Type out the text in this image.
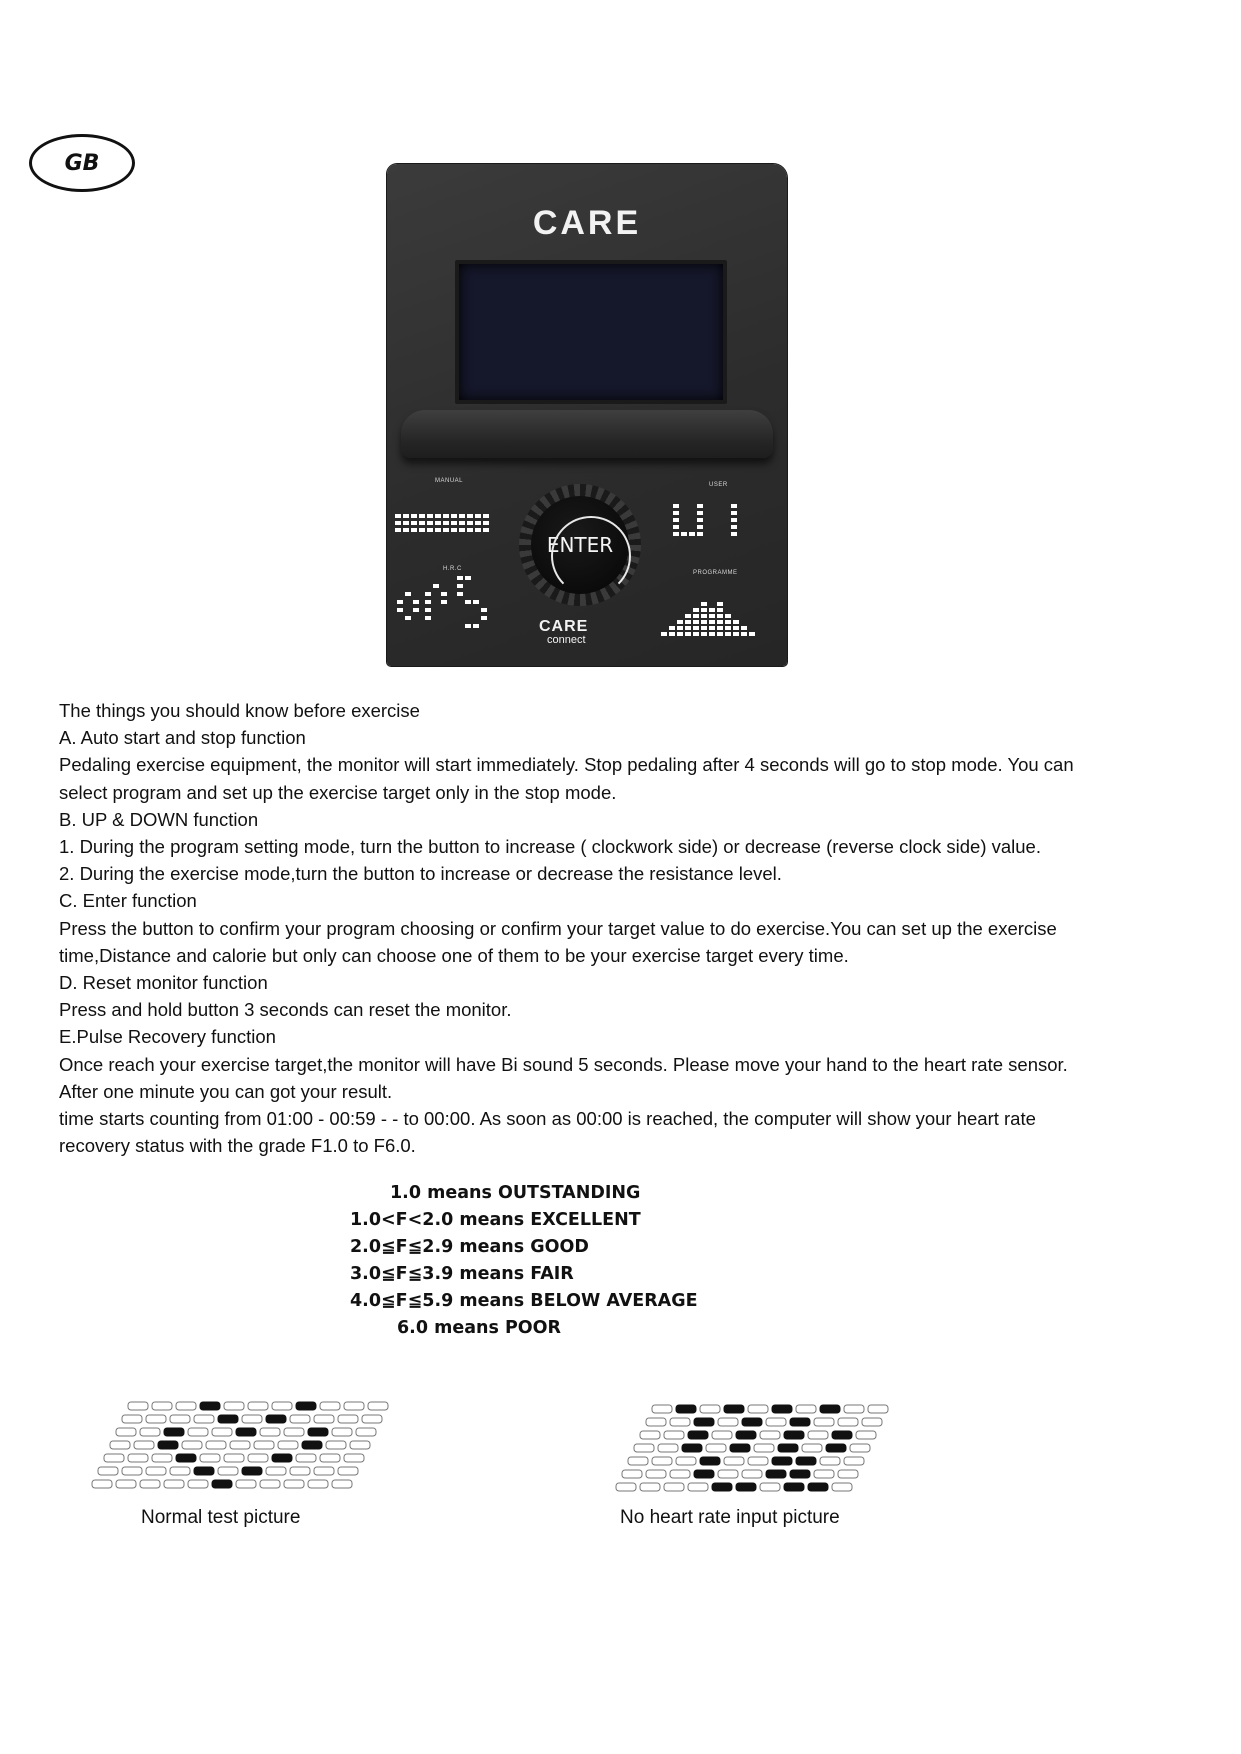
GB
CARE
MANUAL
USER
H.R.C
PROGRAMME
ENTER
CARE
connect

The things you should know before exercise

A. Auto start and stop function

Pedaling exercise equipment, the monitor will start immediately. Stop pedaling after 4 seconds will go to stop mode. You can select program and set up the exercise target only in the stop mode.

B. UP & DOWN function

1. During the program setting mode, turn the button to increase ( clockwork side) or decrease (reverse clock side) value.

2. During the exercise mode,turn the button to increase or decrease the resistance level.

C. Enter function

Press the button to confirm your program choosing or confirm your target value to do exercise.You can set up the exercise time,Distance and calorie but only can choose one of them to be your exercise target every time.

D. Reset monitor function

Press and hold button 3 seconds can reset the monitor.

E.Pulse Recovery function

Once reach your exercise target,the monitor will have Bi sound 5 seconds. Please move your hand to the heart rate sensor. After one minute you can got your result.

time starts counting from 01:00 - 00:59 - - to 00:00. As soon as 00:00 is reached, the computer will show your heart rate recovery status with the grade F1.0 to F6.0.

1.0 means OUTSTANDING
1.0<F<2.0 means EXCELLENT
2.0≦F≦2.9 means GOOD
3.0≦F≦3.9 means FAIR
4.0≦F≦5.9 means BELOW AVERAGE
6.0 means POOR
Normal test picture	No heart rate input picture
